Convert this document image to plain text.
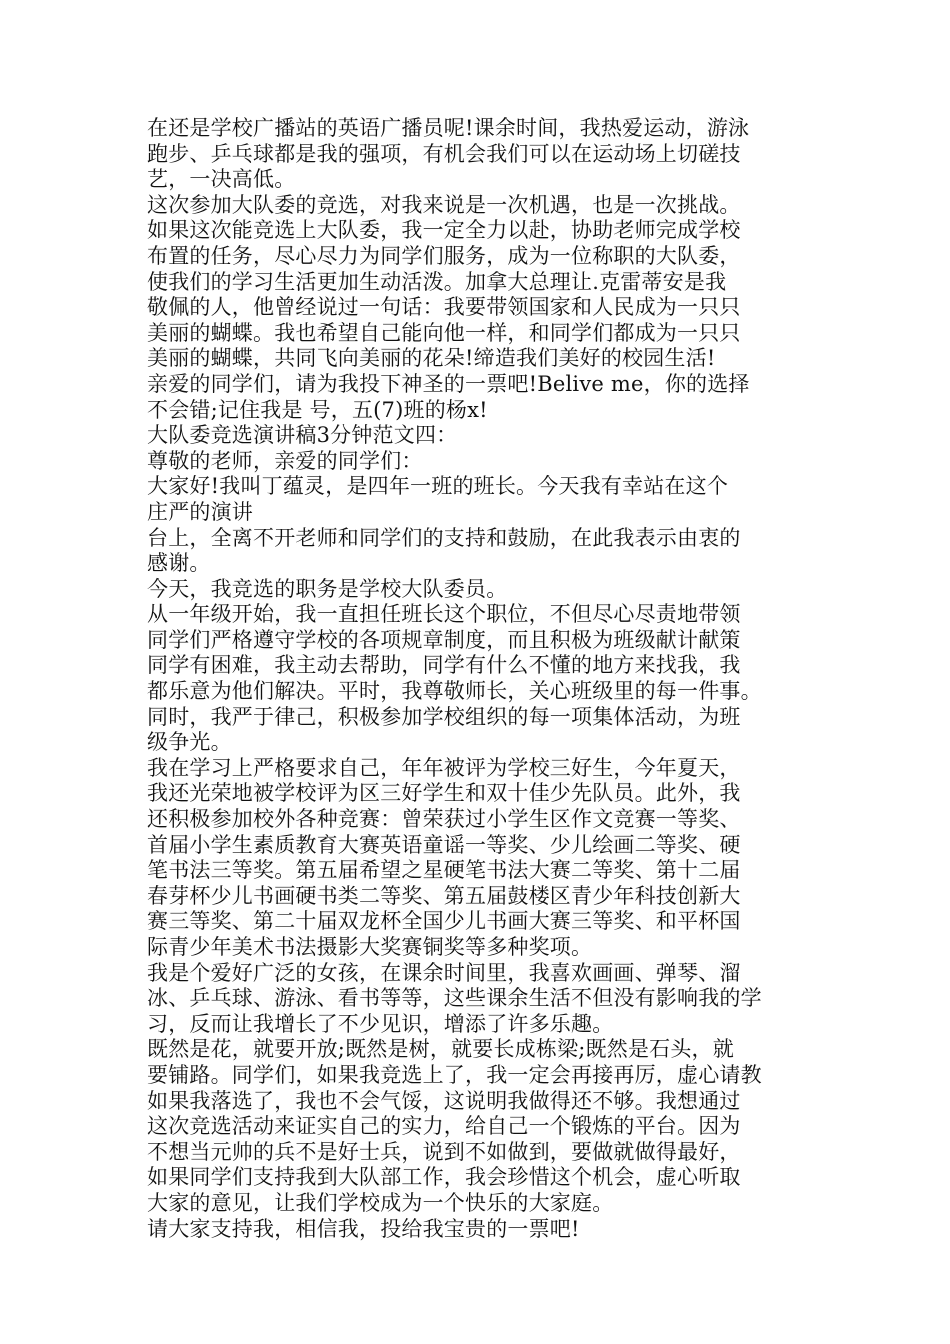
在还是学校广播站的英语广播员呢!课余时间，我热爱运动，游泳
跑步、乒乓球都是我的强项，有机会我们可以在运动场上切磋技
艺，一决高低。
这次参加大队委的竞选，对我来说是一次机遇，也是一次挑战。
如果这次能竞选上大队委，我一定全力以赴，协助老师完成学校
布置的任务，尽心尽力为同学们服务，成为一位称职的大队委，
使我们的学习生活更加生动活泼。加拿大总理让.克雷蒂安是我
敬佩的人，他曾经说过一句话：我要带领国家和人民成为一只只
美丽的蝴蝶。我也希望自己能向他一样，和同学们都成为一只只
美丽的蝴蝶，共同飞向美丽的花朵!缔造我们美好的校园生活!
亲爱的同学们，请为我投下神圣的一票吧!Belive me，你的选择
不会错;记住我是 号，五(7)班的杨x!
大队委竞选演讲稿3分钟范文四：
尊敬的老师，亲爱的同学们：
大家好!我叫丁蕴灵，是四年一班的班长。今天我有幸站在这个
庄严的演讲
台上，全离不开老师和同学们的支持和鼓励，在此我表示由衷的
感谢。
今天，我竞选的职务是学校大队委员。
从一年级开始，我一直担任班长这个职位，不但尽心尽责地带领
同学们严格遵守学校的各项规章制度，而且积极为班级献计献策
同学有困难，我主动去帮助，同学有什么不懂的地方来找我，我
都乐意为他们解决。平时，我尊敬师长，关心班级里的每一件事。
同时，我严于律己，积极参加学校组织的每一项集体活动，为班
级争光。
我在学习上严格要求自己，年年被评为学校三好生，今年夏天，
我还光荣地被学校评为区三好学生和双十佳少先队员。此外，我
还积极参加校外各种竞赛：曾荣获过小学生区作文竞赛一等奖、
首届小学生素质教育大赛英语童谣一等奖、少儿绘画二等奖、硬
笔书法三等奖。第五届希望之星硬笔书法大赛二等奖、第十二届
春芽杯少儿书画硬书类二等奖、第五届鼓楼区青少年科技创新大
赛三等奖、第二十届双龙杯全国少儿书画大赛三等奖、和平杯国
际青少年美术书法摄影大奖赛铜奖等多种奖项。
我是个爱好广泛的女孩，在课余时间里，我喜欢画画、弹琴、溜
冰、乒乓球、游泳、看书等等，这些课余生活不但没有影响我的学
习，反而让我增长了不少见识，增添了许多乐趣。
既然是花，就要开放;既然是树，就要长成栋梁;既然是石头，就
要铺路。同学们，如果我竞选上了，我一定会再接再厉，虚心请教
如果我落选了，我也不会气馁，这说明我做得还不够。我想通过
这次竞选活动来证实自己的实力，给自己一个锻炼的平台。因为
不想当元帅的兵不是好士兵，说到不如做到，要做就做得最好，
如果同学们支持我到大队部工作，我会珍惜这个机会，虚心听取
大家的意见，让我们学校成为一个快乐的大家庭。
请大家支持我，相信我，投给我宝贵的一票吧!
